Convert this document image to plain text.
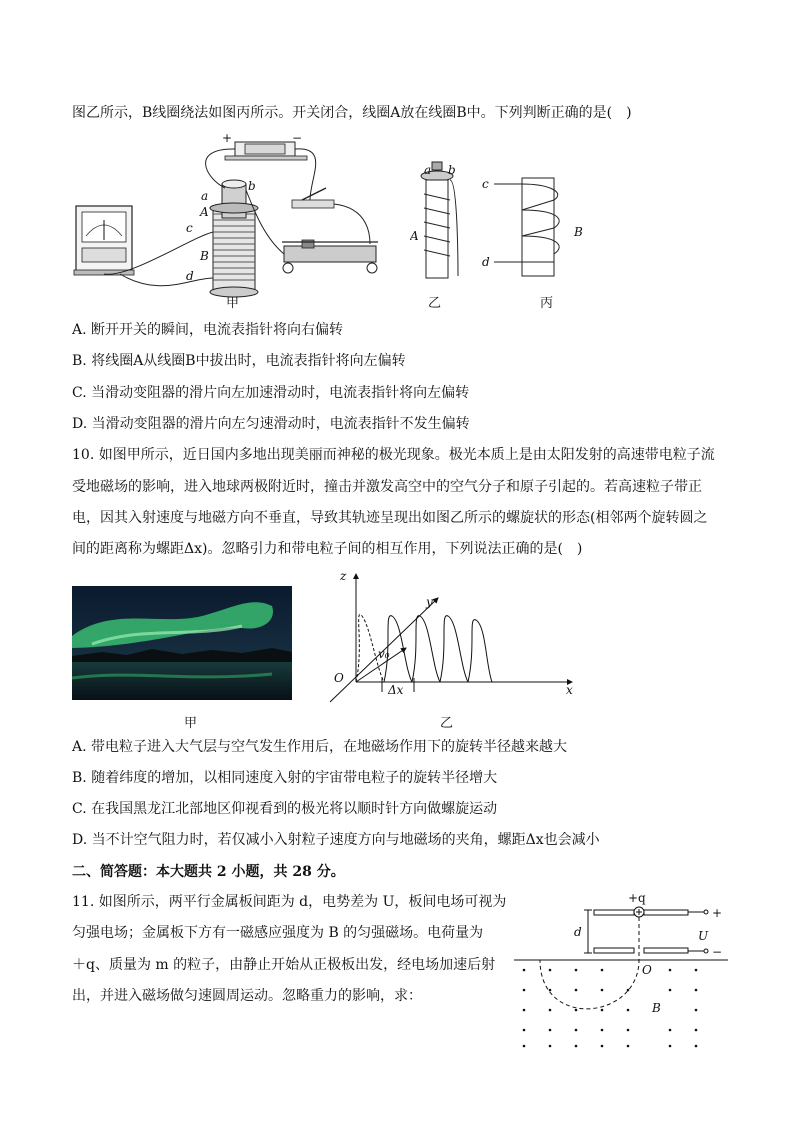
图乙所示，B线圈绕法如图丙所示。开关闭合，线圈A放在线圈B中。下列判断正确的是(　)
+	−
a
b
A
B
c
d
甲
a b
A
乙
c
d
B
丙
A. 断开开关的瞬间，电流表指针将向右偏转
B. 将线圈A从线圈B中拔出时，电流表指针将向左偏转
C. 当滑动变阻器的滑片向左加速滑动时，电流表指针将向左偏转
D. 当滑动变阻器的滑片向左匀速滑动时，电流表指针不发生偏转
10. 如图甲所示，近日国内多地出现美丽而神秘的极光现象。极光本质上是由太阳发射的高速带电粒子流
受地磁场的影响，进入地球两极附近时，撞击并激发高空中的空气分子和原子引起的。若高速粒子带正
电，因其入射速度与地磁方向不垂直，导致其轨迹呈现出如图乙所示的螺旋状的形态(相邻两个旋转圆之
间的距离称为螺距Δx)。忽略引力和带电粒子间的相互作用，下列说法正确的是(　)
甲
z
y
x
O
v₀
Δx
乙
A. 带电粒子进入大气层与空气发生作用后，在地磁场作用下的旋转半径越来越大
B. 随着纬度的增加，以相同速度入射的宇宙带电粒子的旋转半径增大
C. 在我国黑龙江北部地区仰视看到的极光将以顺时针方向做螺旋运动
D. 当不计空气阻力时，若仅减小入射粒子速度方向与地磁场的夹角，螺距Δx也会减小
二、简答题：本大题共 2 小题，共 28 分。
11. 如图所示，两平行金属板间距为 d，电势差为 U，板间电场可视为
匀强电场；金属板下方有一磁感应强度为 B 的匀强磁场。电荷量为
＋q、质量为 m 的粒子，由静止开始从正极板出发，经电场加速后射
出，并进入磁场做匀速圆周运动。忽略重力的影响，求：
+
−
+q
d	U
O
B
